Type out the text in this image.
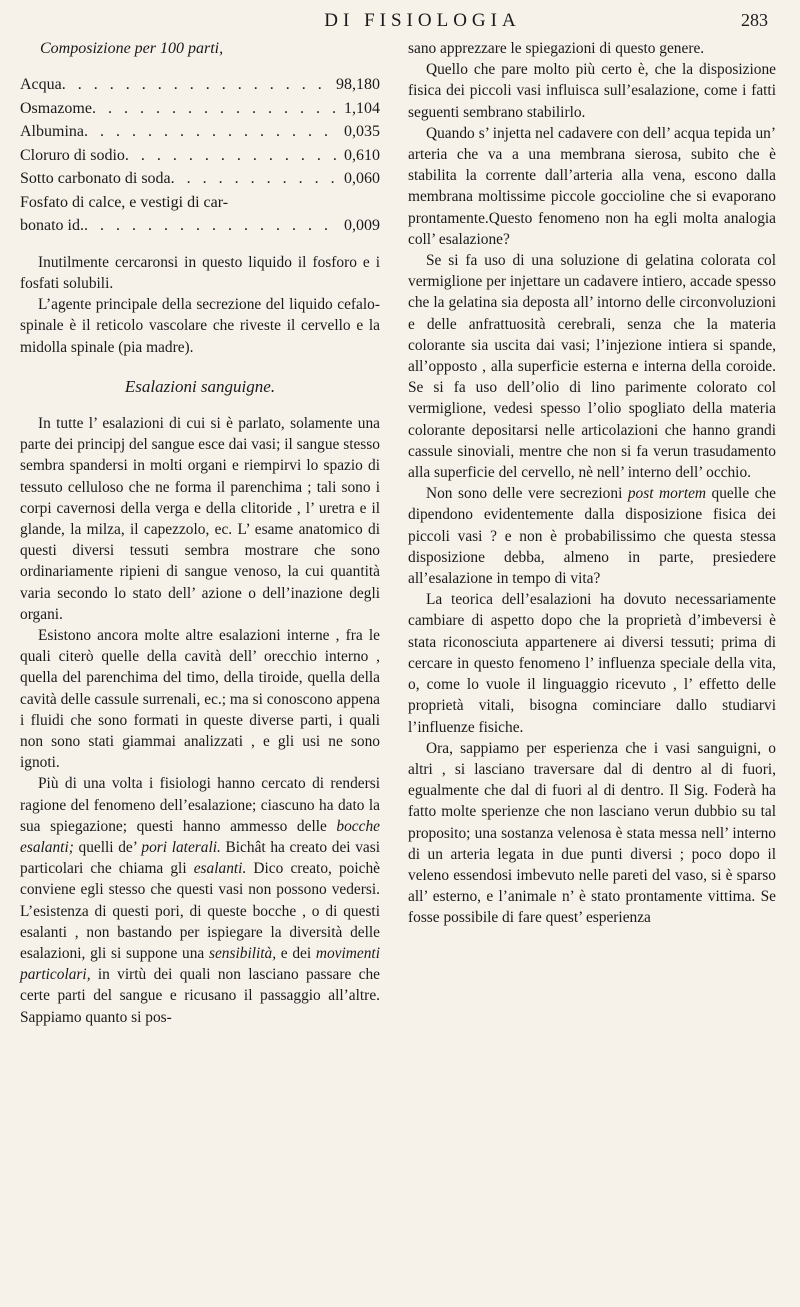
DI FISIOLOGIA	283
Composizione per 100 parti,
Acqua . . .	98,180
Osmazome . . .	1,104
Albumina . . .	0,035
Cloruro di sodio . . .	0,610
Sotto carbonato di soda . . .	0,060
Fosfato di calce, e vestigi di car-
bonato id. . . .	0,009

Inutilmente cercaronsi in questo liquido il fosforo e i fosfati solubili.

L’agente principale della secrezione del liquido cefalo-spinale è il reticolo vascolare che riveste il cervello e la midolla spinale (pia madre).

Esalazioni sanguigne.

In tutte l’ esalazioni di cui si è parlato, solamente una parte dei principj del sangue esce dai vasi; il sangue stesso sembra spandersi in molti organi e riempirvi lo spazio di tessuto celluloso che ne forma il parenchima ; tali sono i corpi cavernosi della verga e della clitoride , l’ uretra e il glande, la milza, il capezzolo, ec. L’ esame anatomico di questi diversi tessuti sembra mostrare che sono ordinariamente ripieni di sangue venoso, la cui quantità varia secondo lo stato dell’ azione o dell’inazione degli organi.

Esistono ancora molte altre esalazioni interne , fra le quali citerò quelle della cavità dell’ orecchio interno , quella del parenchima del timo, della tiroide, quella della cavità delle cassule surrenali, ec.; ma si conoscono appena i fluidi che sono formati in queste diverse parti, i quali non sono stati giammai analizzati , e gli usi ne sono ignoti.

Più di una volta i fisiologi hanno cercato di rendersi ragione del fenomeno dell’esalazione; ciascuno ha dato la sua spiegazione; questi hanno ammesso delle bocche esalanti; quelli de’ pori laterali. Bichât ha creato dei vasi particolari che chiama gli esalanti. Dico creato, poichè conviene egli stesso che questi vasi non possono vedersi. L’esistenza di questi pori, di queste bocche , o di questi esalanti , non bastando per ispiegare la diversità delle esalazioni, gli si suppone una sensibilità, e dei movimenti particolari, in virtù dei quali non lasciano passare che certe parti del sangue e ricusano il passaggio all’altre. Sappiamo quanto si pos-

sano apprezzare le spiegazioni di questo genere.

Quello che pare molto più certo è, che la disposizione fisica dei piccoli vasi influisca sull’esalazione, come i fatti seguenti sembrano stabilirlo.

Quando s’ injetta nel cadavere con dell’ acqua tepida un’ arteria che va a una membrana sierosa, subito che è stabilita la corrente dall’arteria alla vena, escono dalla membrana moltissime piccole goccioline che si evaporano prontamente.Questo fenomeno non ha egli molta analogia coll’ esalazione?

Se si fa uso di una soluzione di gelatina colorata col vermiglione per injettare un cadavere intiero, accade spesso che la gelatina sia deposta all’ intorno delle circonvoluzioni e delle anfrattuosità cerebrali, senza che la materia colorante sia uscita dai vasi; l’injezione intiera si spande, all’opposto , alla superficie esterna e interna della coroide. Se si fa uso dell’olio di lino parimente colorato col vermiglione, vedesi spesso l’olio spogliato della materia colorante depositarsi nelle articolazioni che hanno grandi cassule sinoviali, mentre che non si fa verun trasudamento alla superficie del cervello, nè nell’ interno dell’ occhio.

Non sono delle vere secrezioni post mortem quelle che dipendono evidentemente dalla disposizione fisica dei piccoli vasi ? e non è probabilissimo che questa stessa disposizione debba, almeno in parte, presiedere all’esalazione in tempo di vita?

La teorica dell’esalazioni ha dovuto necessariamente cambiare di aspetto dopo che la proprietà d’imbeversi è stata riconosciuta appartenere ai diversi tessuti; prima di cercare in questo fenomeno l’ influenza speciale della vita, o, come lo vuole il linguaggio ricevuto , l’ effetto delle proprietà vitali, bisogna cominciare dallo studiarvi l’influenze fisiche.

Ora, sappiamo per esperienza che i vasi sanguigni, o altri , si lasciano traversare dal di dentro al di fuori, egualmente che dal di fuori al di dentro. Il Sig. Foderà ha fatto molte sperienze che non lasciano verun dubbio su tal proposito; una sostanza velenosa è stata messa nell’ interno di un arteria legata in due punti diversi ; poco dopo il veleno essendosi imbevuto nelle pareti del vaso, si è sparso all’ esterno, e l’animale n’ è stato prontamente vittima. Se fosse possibile di fare quest’ esperienza
